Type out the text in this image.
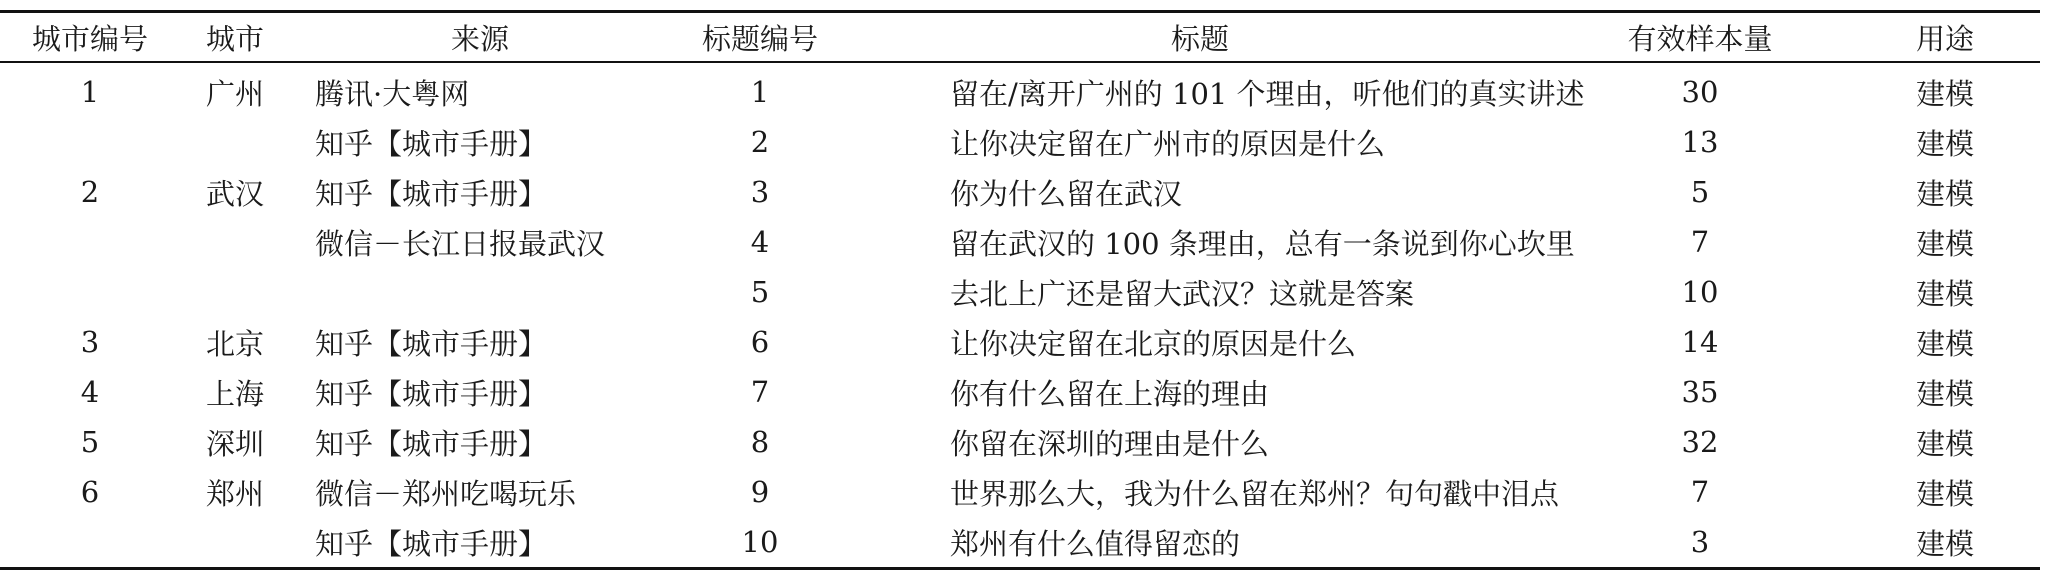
城市编号	城市	来源	标题编号	标题	有效样本量	用途
1	广州	腾讯·大粤网	1	留在/离开广州的 101 个理由，听他们的真实讲述	30	建模
		知乎【城市手册】	2	让你决定留在广州市的原因是什么	13	建模
2	武汉	知乎【城市手册】	3	你为什么留在武汉	5	建模
		微信－长江日报最武汉	4	留在武汉的 100 条理由，总有一条说到你心坎里	7	建模
			5	去北上广还是留大武汉？这就是答案	10	建模
3	北京	知乎【城市手册】	6	让你决定留在北京的原因是什么	14	建模
4	上海	知乎【城市手册】	7	你有什么留在上海的理由	35	建模
5	深圳	知乎【城市手册】	8	你留在深圳的理由是什么	32	建模
6	郑州	微信－郑州吃喝玩乐	9	世界那么大，我为什么留在郑州？句句戳中泪点	7	建模
		知乎【城市手册】	10	郑州有什么值得留恋的	3	建模
